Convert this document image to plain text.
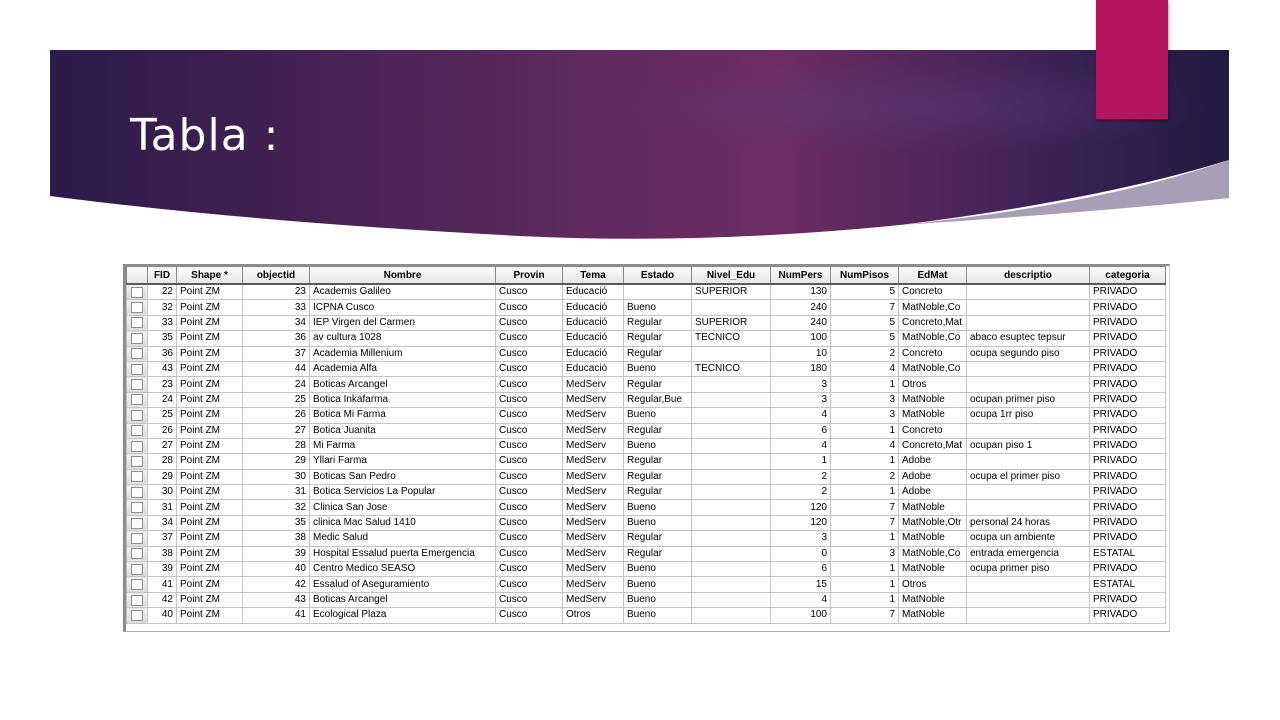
Tabla :
	FID	Shape *	objectid	Nombre	Provin	Tema	Estado	Nivel_Edu	NumPers	NumPisos	EdMat	descriptio	categoria

	22	Point ZM	23	Academis Galileo	Cusco	Educació		SUPERIOR	130	5	Concreto		PRIVADO

	32	Point ZM	33	ICPNA Cusco	Cusco	Educació	Bueno		240	7	MatNoble,Co		PRIVADO

	33	Point ZM	34	IEP Virgen del Carmen	Cusco	Educació	Regular	SUPERIOR	240	5	Concreto,Mat		PRIVADO

	35	Point ZM	36	av cultura 1028	Cusco	Educació	Regular	TECNICO	100	5	MatNoble,Co	abaco esuptec tepsur	PRIVADO

	36	Point ZM	37	Academia Millenium	Cusco	Educació	Regular		10	2	Concreto	ocupa segundo piso	PRIVADO

	43	Point ZM	44	Academia Alfa	Cusco	Educació	Bueno	TECNICO	180	4	MatNoble,Co		PRIVADO

	23	Point ZM	24	Boticas Arcangel	Cusco	MedServ	Regular		3	1	Otros		PRIVADO

	24	Point ZM	25	Botica Inkafarma	Cusco	MedServ	Regular,Bue		3	3	MatNoble	ocupan primer piso	PRIVADO

	25	Point ZM	26	Botica Mi Farma	Cusco	MedServ	Bueno		4	3	MatNoble	ocupa 1rr piso	PRIVADO

	26	Point ZM	27	Botica Juanita	Cusco	MedServ	Regular		6	1	Concreto		PRIVADO

	27	Point ZM	28	Mi Farma	Cusco	MedServ	Bueno		4	4	Concreto,Mat	ocupan piso 1	PRIVADO

	28	Point ZM	29	Yllari Farma	Cusco	MedServ	Regular		1	1	Adobe		PRIVADO

	29	Point ZM	30	Boticas San Pedro	Cusco	MedServ	Regular		2	2	Adobe	ocupa el primer piso	PRIVADO

	30	Point ZM	31	Botica Servicios La Popular	Cusco	MedServ	Regular		2	1	Adobe		PRIVADO

	31	Point ZM	32	Clinica San Jose	Cusco	MedServ	Bueno		120	7	MatNoble		PRIVADO

	34	Point ZM	35	clinica Mac Salud 1410	Cusco	MedServ	Bueno		120	7	MatNoble,Otr	personal 24 horas	PRIVADO

	37	Point ZM	38	Medic Salud	Cusco	MedServ	Regular		3	1	MatNoble	ocupa un ambiente	PRIVADO

	38	Point ZM	39	Hospital Essalud puerta Emergencia	Cusco	MedServ	Regular		0	3	MatNoble,Co	entrada emergencia	ESTATAL

	39	Point ZM	40	Centro Medico SEASO	Cusco	MedServ	Bueno		6	1	MatNoble	ocupa primer piso	PRIVADO

	41	Point ZM	42	Essalud of Aseguramiento	Cusco	MedServ	Bueno		15	1	Otros		ESTATAL

	42	Point ZM	43	Boticas Arcangel	Cusco	MedServ	Bueno		4	1	MatNoble		PRIVADO

	40	Point ZM	41	Ecological Plaza	Cusco	Otros	Bueno		100	7	MatNoble		PRIVADO
